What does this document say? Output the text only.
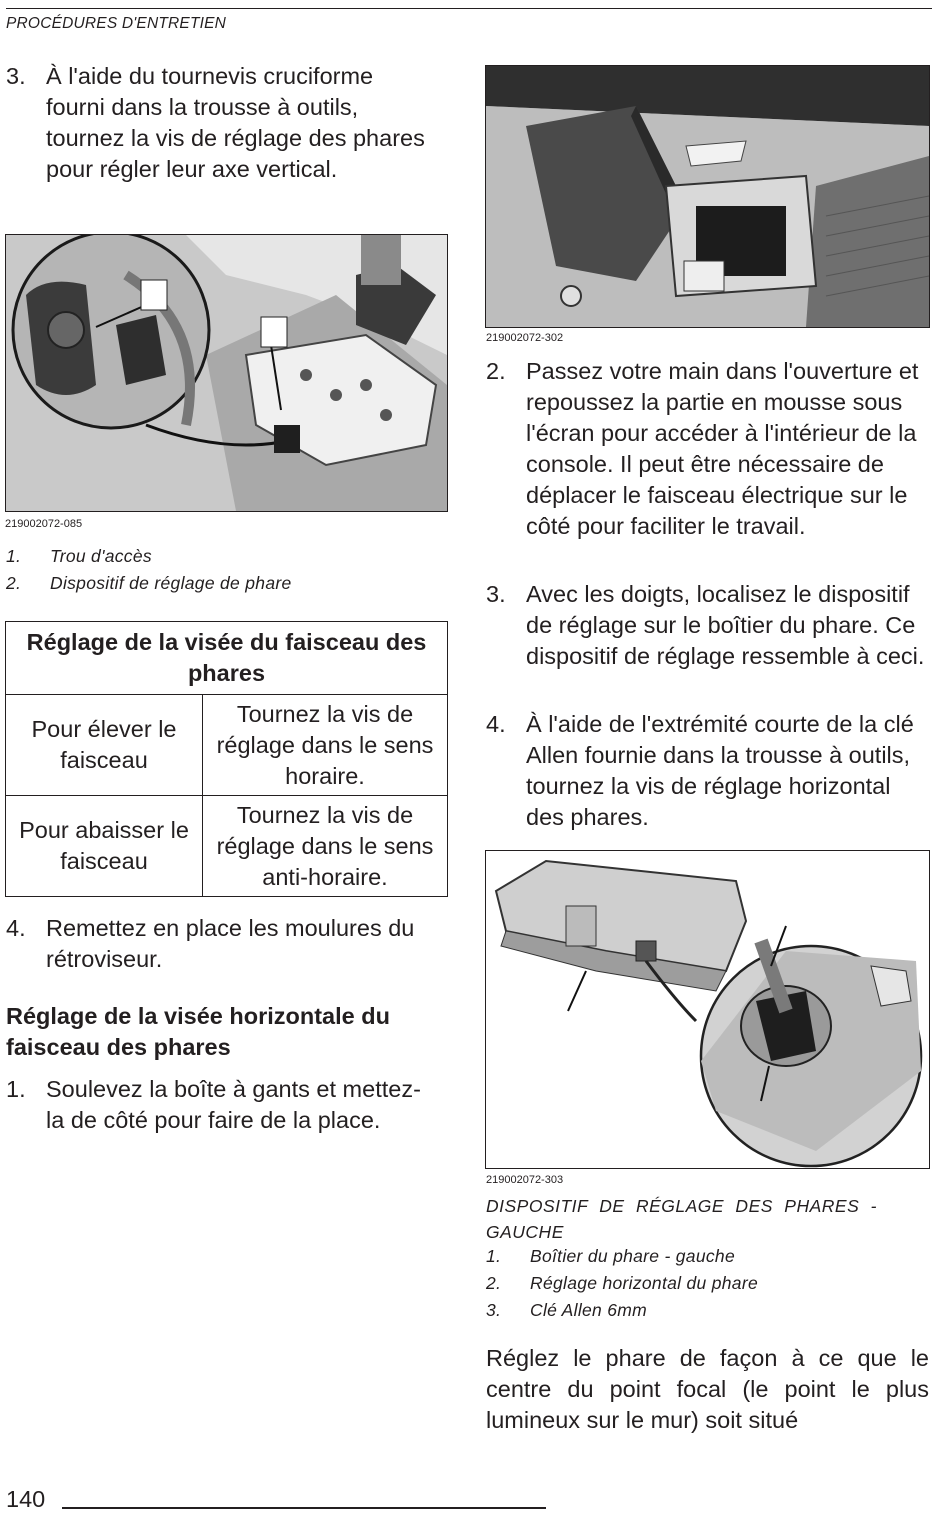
PROCÉDURES D'ENTRETIEN
3. À l'aide du tournevis cruciforme fourni dans la trousse à outils, tournez la vis de réglage des phares pour régler leur axe vertical.
219002072-085
1.	Trou d'accès
2.	Dispositif de réglage de phare
Réglage de la visée du faisceau des phares	
Pour élever le faisceau	Tournez la vis de réglage dans le sens horaire.
Pour abaisser le faisceau	Tournez la vis de réglage dans le sens anti-horaire.
4. Remettez en place les moulures du rétroviseur.
Réglage de la visée horizontale du faisceau des phares
1. Soulevez la boîte à gants et mettez-la de côté pour faire de la place.
219002072-302
2. Passez votre main dans l'ouverture et repoussez la partie en mousse sous l'écran pour accéder à l'intérieur de la console. Il peut être nécessaire de déplacer le faisceau électrique sur le côté pour faciliter le travail.
3. Avec les doigts, localisez le dispositif de réglage sur le boîtier du phare. Ce dispositif de réglage ressemble à ceci.
4. À l'aide de l'extrémité courte de la clé Allen fournie dans la trousse à outils, tournez la vis de réglage horizontal des phares.
219002072-303
DISPOSITIF DE RÉGLAGE DES PHARES - GAUCHE
1.	Boîtier du phare - gauche
2.	Réglage horizontal du phare
3.	Clé Allen 6mm
Réglez le phare de façon à ce que le centre du point focal (le point le plus lumineux sur le mur) soit situé
140
